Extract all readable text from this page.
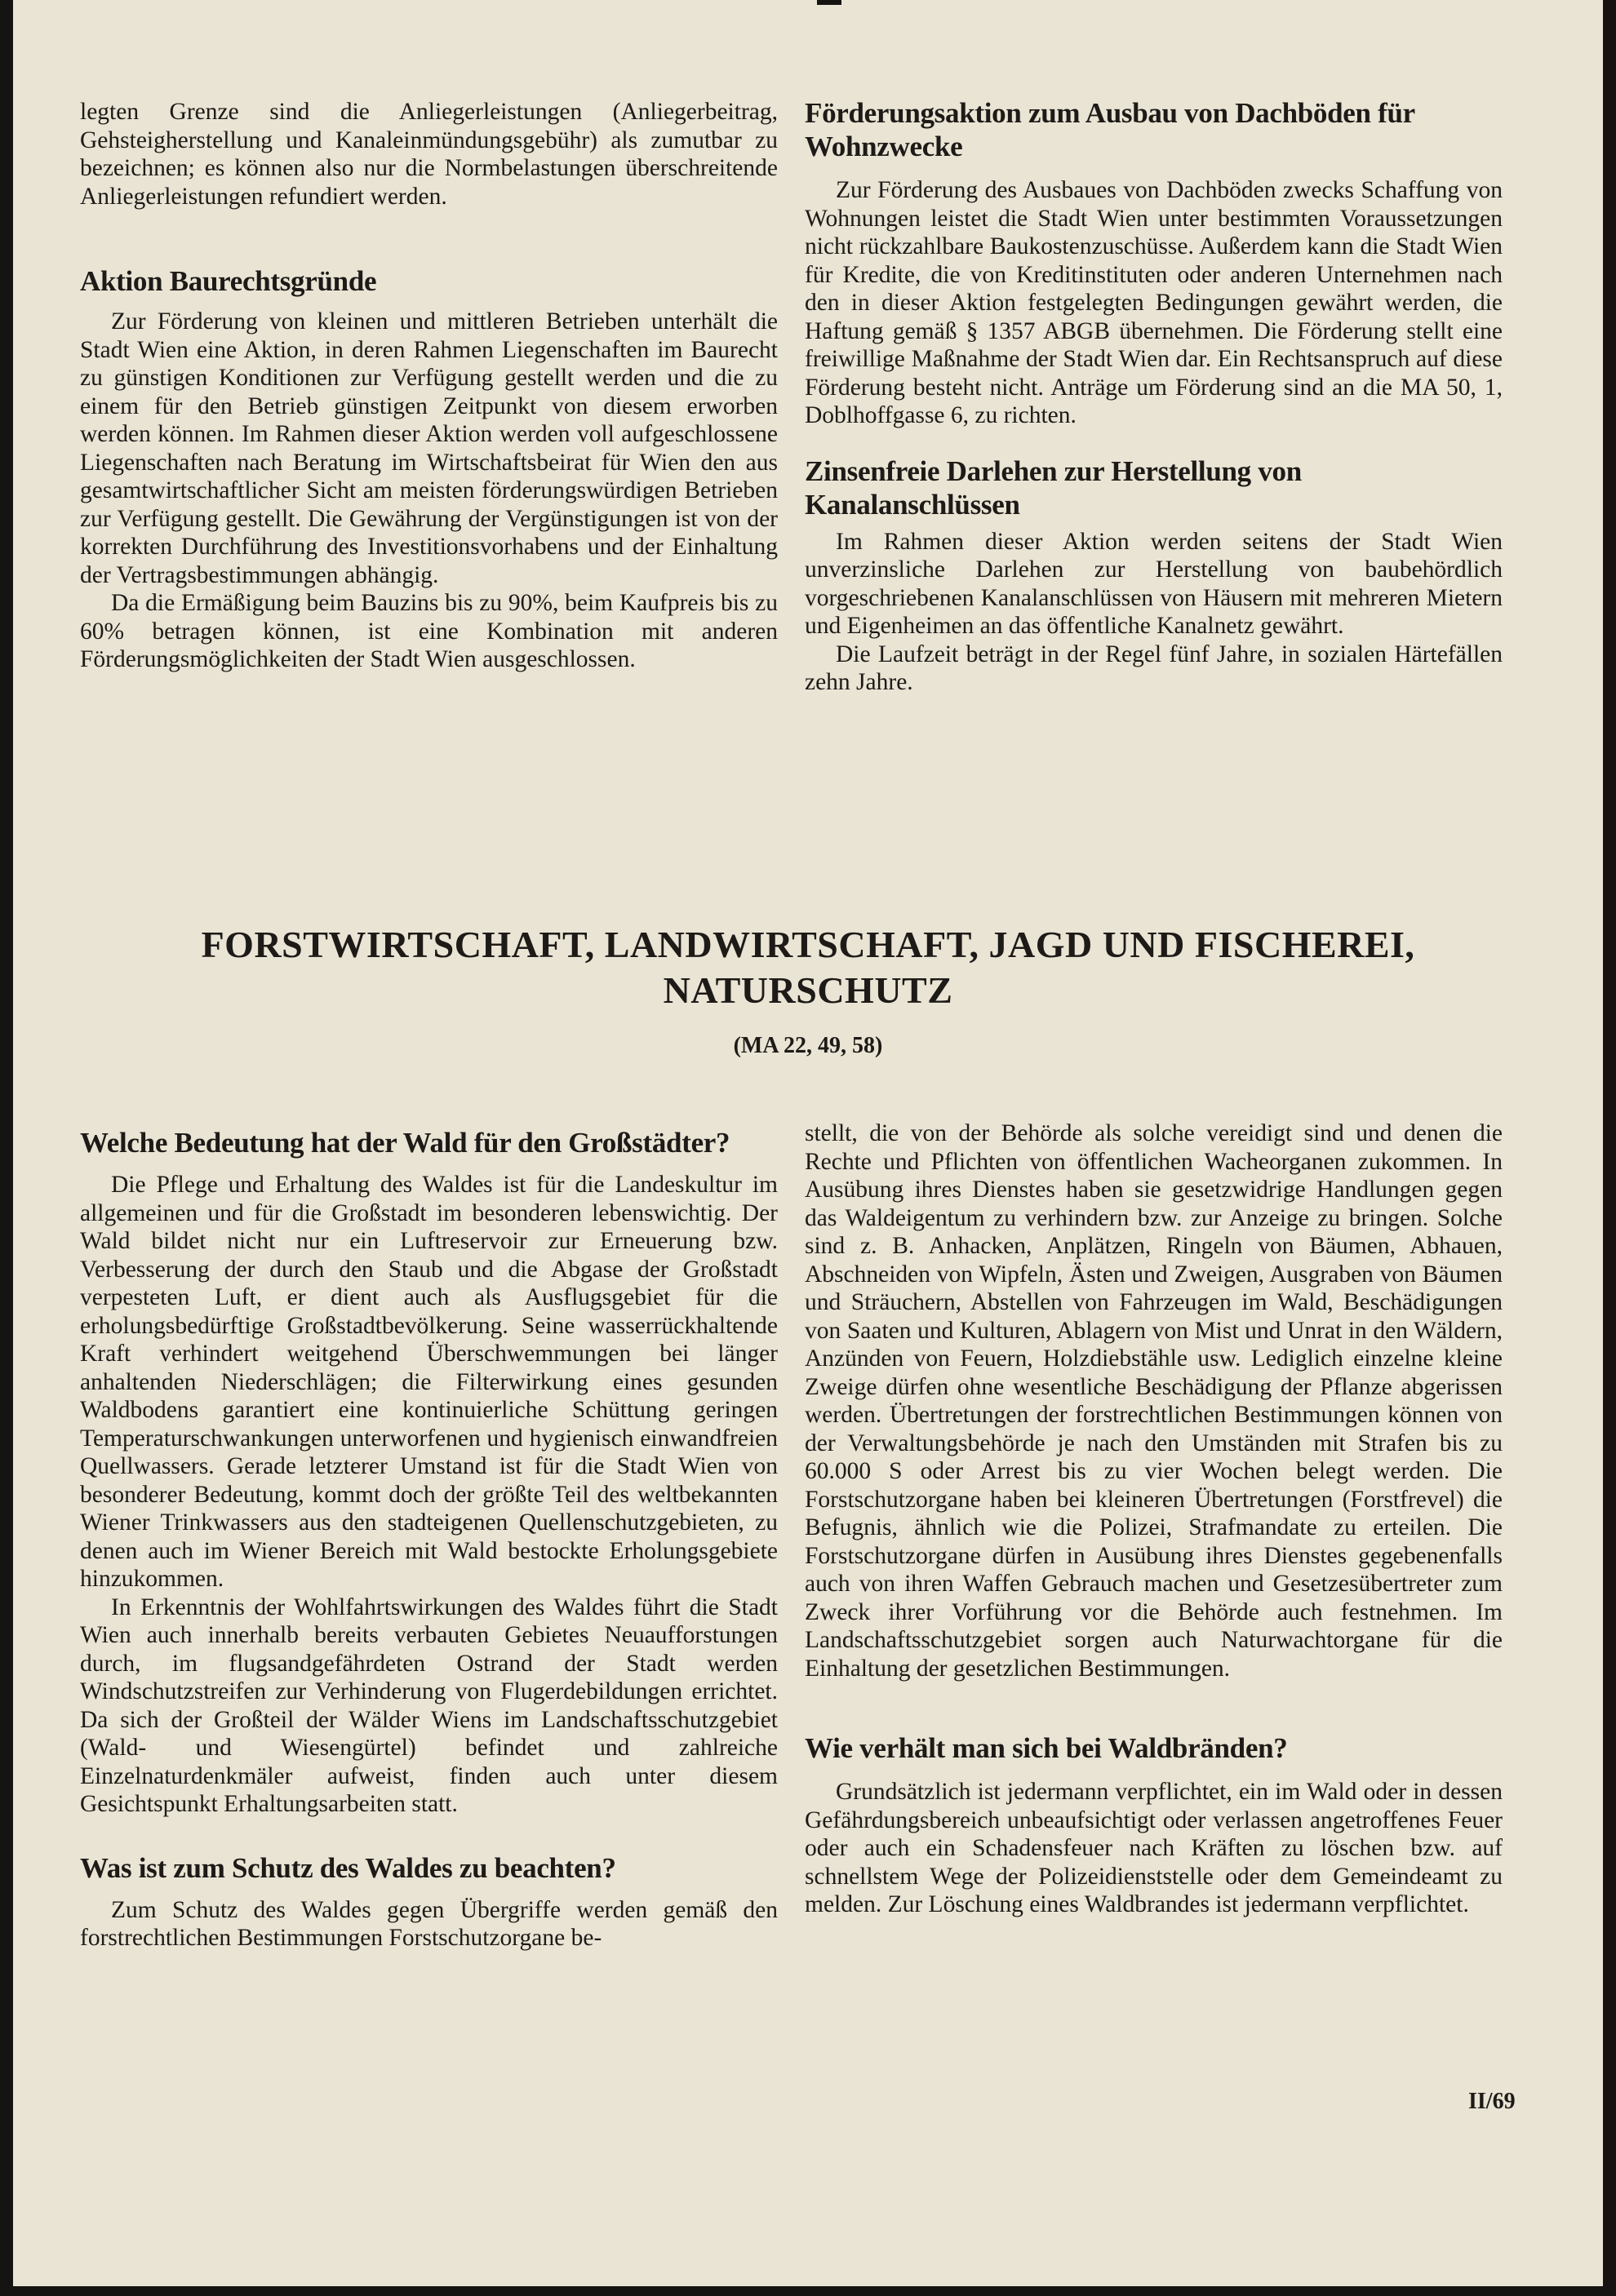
legten Grenze sind die Anliegerleistungen (Anliegerbeitrag, Gehsteigherstellung und Kanaleinmündungsgebühr) als zumutbar zu bezeichnen; es können also nur die Normbelastungen überschreitende Anliegerleistungen refundiert werden.

Aktion Baurechtsgründe

Zur Förderung von kleinen und mittleren Betrieben unterhält die Stadt Wien eine Aktion, in deren Rahmen Liegenschaften im Baurecht zu günstigen Konditionen zur Verfügung gestellt werden und die zu einem für den Betrieb günstigen Zeitpunkt von diesem erworben werden können. Im Rahmen dieser Aktion werden voll aufgeschlossene Liegenschaften nach Beratung im Wirtschaftsbeirat für Wien den aus gesamtwirtschaftlicher Sicht am meisten förderungswürdigen Betrieben zur Verfügung gestellt. Die Gewährung der Vergünstigungen ist von der korrekten Durchführung des Investitionsvorhabens und der Einhaltung der Vertragsbestimmungen abhängig.

Da die Ermäßigung beim Bauzins bis zu 90%, beim Kaufpreis bis zu 60% betragen können, ist eine Kombination mit anderen Förderungsmöglichkeiten der Stadt Wien ausgeschlossen.

Förderungsaktion zum Ausbau von Dachböden für Wohnzwecke

Zur Förderung des Ausbaues von Dachböden zwecks Schaffung von Wohnungen leistet die Stadt Wien unter bestimmten Voraussetzungen nicht rückzahlbare Baukostenzuschüsse. Außerdem kann die Stadt Wien für Kredite, die von Kreditinstituten oder anderen Unternehmen nach den in dieser Aktion festgelegten Bedingungen gewährt werden, die Haftung gemäß § 1357 ABGB übernehmen. Die Förderung stellt eine freiwillige Maßnahme der Stadt Wien dar. Ein Rechtsanspruch auf diese Förderung besteht nicht. Anträge um Förderung sind an die MA 50, 1, Doblhoffgasse 6, zu richten.

Zinsenfreie Darlehen zur Herstellung von Kanalanschlüssen

Im Rahmen dieser Aktion werden seitens der Stadt Wien unverzinsliche Darlehen zur Herstellung von baubehördlich vorgeschriebenen Kanalanschlüssen von Häusern mit mehreren Mietern und Eigenheimen an das öffentliche Kanalnetz gewährt.

Die Laufzeit beträgt in der Regel fünf Jahre, in sozialen Härtefällen zehn Jahre.

FORSTWIRTSCHAFT, LANDWIRTSCHAFT, JAGD UND FISCHEREI,
NATURSCHUTZ
(MA 22, 49, 58)
Welche Bedeutung hat der Wald für den Großstädter?

Die Pflege und Erhaltung des Waldes ist für die Landeskultur im allgemeinen und für die Großstadt im besonderen lebenswichtig. Der Wald bildet nicht nur ein Luftreservoir zur Erneuerung bzw. Verbesserung der durch den Staub und die Abgase der Großstadt verpesteten Luft, er dient auch als Ausflugsgebiet für die erholungsbedürftige Großstadtbevölkerung. Seine wasserrückhaltende Kraft verhindert weitgehend Überschwemmungen bei länger anhaltenden Niederschlägen; die Filterwirkung eines gesunden Waldbodens garantiert eine kontinuierliche Schüttung geringen Temperaturschwankungen unterworfenen und hygienisch einwandfreien Quellwassers. Gerade letzterer Umstand ist für die Stadt Wien von besonderer Bedeutung, kommt doch der größte Teil des weltbekannten Wiener Trinkwassers aus den stadteigenen Quellenschutzgebieten, zu denen auch im Wiener Bereich mit Wald bestockte Erholungsgebiete hinzukommen.

In Erkenntnis der Wohlfahrtswirkungen des Waldes führt die Stadt Wien auch innerhalb bereits verbauten Gebietes Neuaufforstungen durch, im flugsandgefährdeten Ostrand der Stadt werden Windschutzstreifen zur Verhinderung von Flugerdebildungen errichtet. Da sich der Großteil der Wälder Wiens im Landschaftsschutzgebiet (Wald- und Wiesengürtel) befindet und zahlreiche Einzelnaturdenkmäler aufweist, finden auch unter diesem Gesichtspunkt Erhaltungsarbeiten statt.

Was ist zum Schutz des Waldes zu beachten?

Zum Schutz des Waldes gegen Übergriffe werden gemäß den forstrechtlichen Bestimmungen Forstschutzorgane be-

stellt, die von der Behörde als solche vereidigt sind und denen die Rechte und Pflichten von öffentlichen Wacheorganen zukommen. In Ausübung ihres Dienstes haben sie gesetzwidrige Handlungen gegen das Waldeigentum zu verhindern bzw. zur Anzeige zu bringen. Solche sind z. B. Anhacken, Anplätzen, Ringeln von Bäumen, Abhauen, Abschneiden von Wipfeln, Ästen und Zweigen, Ausgraben von Bäumen und Sträuchern, Abstellen von Fahrzeugen im Wald, Beschädigungen von Saaten und Kulturen, Ablagern von Mist und Unrat in den Wäldern, Anzünden von Feuern, Holzdiebstähle usw. Lediglich einzelne kleine Zweige dürfen ohne wesentliche Beschädigung der Pflanze abgerissen werden. Übertretungen der forstrechtlichen Bestimmungen können von der Verwaltungsbehörde je nach den Umständen mit Strafen bis zu 60.000 S oder Arrest bis zu vier Wochen belegt werden. Die Forstschutzorgane haben bei kleineren Übertretungen (Forstfrevel) die Befugnis, ähnlich wie die Polizei, Strafmandate zu erteilen. Die Forstschutzorgane dürfen in Ausübung ihres Dienstes gegebenenfalls auch von ihren Waffen Gebrauch machen und Gesetzesübertreter zum Zweck ihrer Vorführung vor die Behörde auch festnehmen. Im Landschaftsschutzgebiet sorgen auch Naturwachtorgane für die Einhaltung der gesetzlichen Bestimmungen.

Wie verhält man sich bei Waldbränden?

Grundsätzlich ist jedermann verpflichtet, ein im Wald oder in dessen Gefährdungsbereich unbeaufsichtigt oder verlassen angetroffenes Feuer oder auch ein Schadensfeuer nach Kräften zu löschen bzw. auf schnellstem Wege der Polizeidienststelle oder dem Gemeindeamt zu melden. Zur Löschung eines Waldbrandes ist jedermann verpflichtet.

II/69
